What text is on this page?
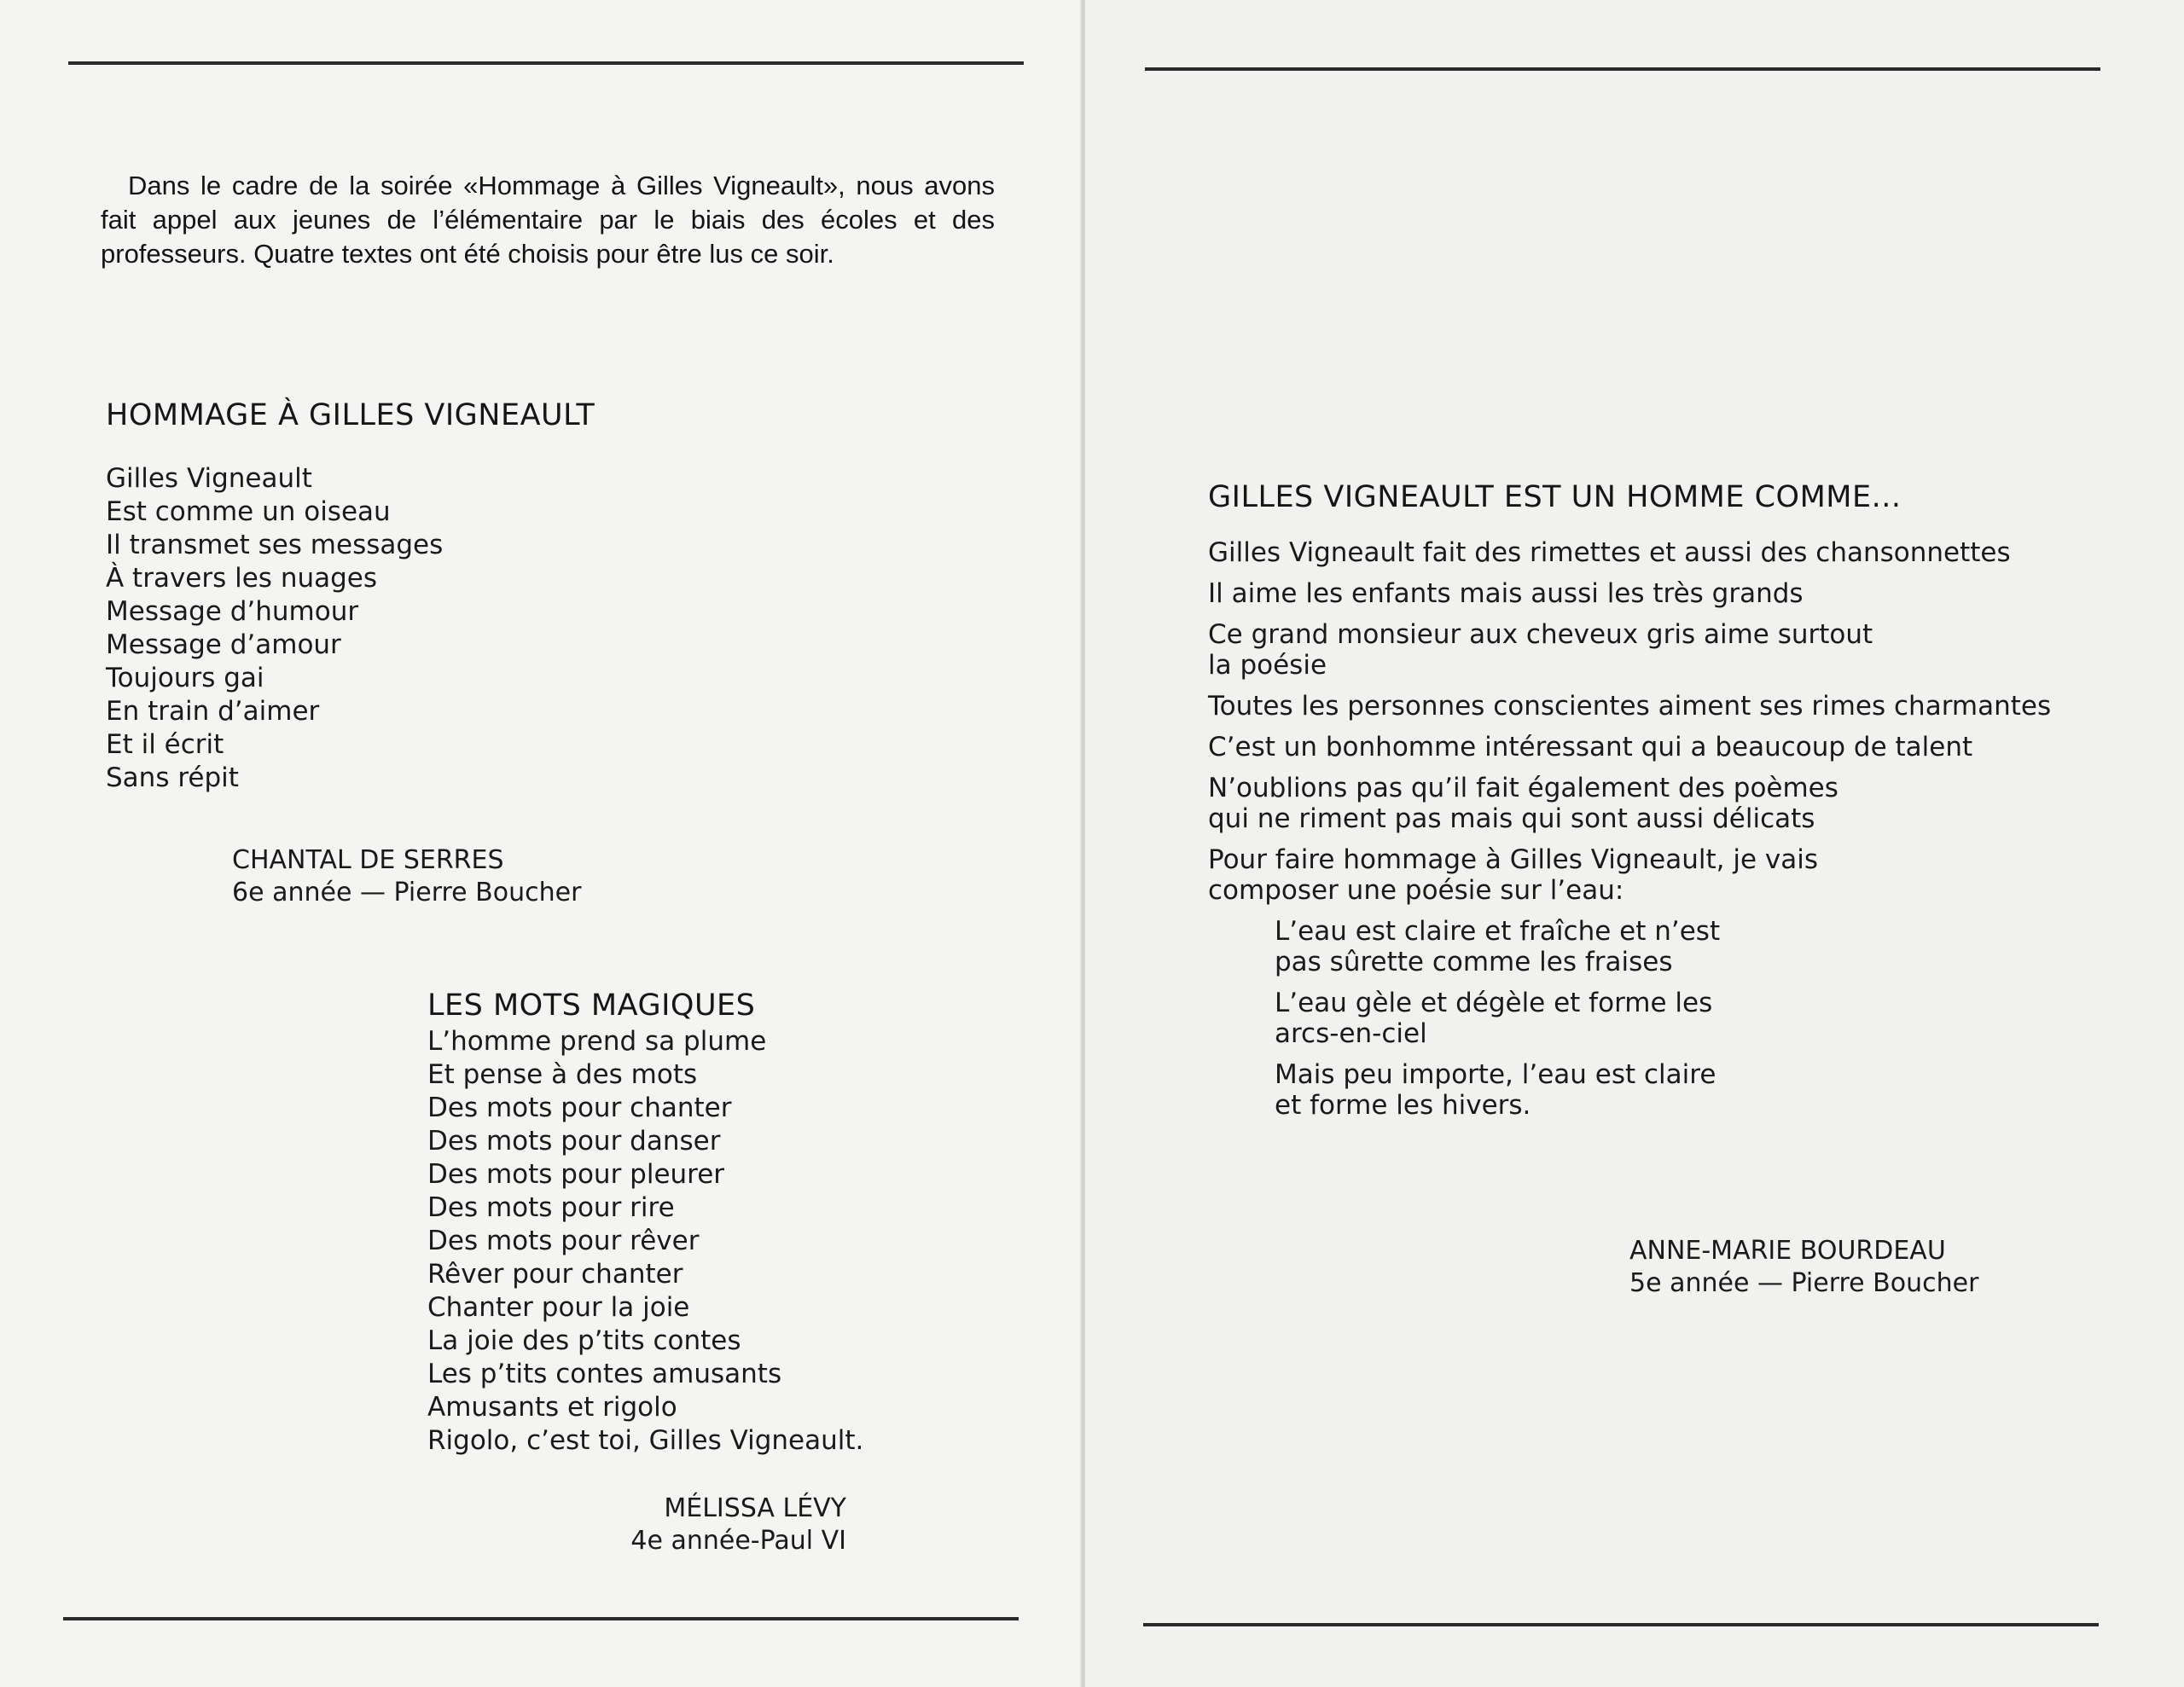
Dans le cadre de la soirée «Hommage à Gilles Vigneault», nous avons fait appel aux jeunes de l’élémentaire par le biais des écoles et des professeurs. Quatre textes ont été choisis pour être lus ce soir.

HOMMAGE À GILLES VIGNEAULT
Gilles Vigneault
Est comme un oiseau
Il transmet ses messages
À travers les nuages
Message d’humour
Message d’amour
Toujours gai
En train d’aimer
Et il écrit
Sans répit
CHANTAL DE SERRES
6e année — Pierre Boucher
LES MOTS MAGIQUES
L’homme prend sa plume
Et pense à des mots
Des mots pour chanter
Des mots pour danser
Des mots pour pleurer
Des mots pour rire
Des mots pour rêver
Rêver pour chanter
Chanter pour la joie
La joie des p’tits contes
Les p’tits contes amusants
Amusants et rigolo
Rigolo, c’est toi, Gilles Vigneault.
MÉLISSA LÉVY
4e année-Paul VI
GILLES VIGNEAULT EST UN HOMME COMME...
Gilles Vigneault fait des rimettes et aussi des chansonnettes
Il aime les enfants mais aussi les très grands
Ce grand monsieur aux cheveux gris aime surtout
la poésie
Toutes les personnes conscientes aiment ses rimes charmantes
C’est un bonhomme intéressant qui a beaucoup de talent
N’oublions pas qu’il fait également des poèmes
qui ne riment pas mais qui sont aussi délicats
Pour faire hommage à Gilles Vigneault, je vais
composer une poésie sur l’eau:
L’eau est claire et fraîche et n’est
pas sûrette comme les fraises
L’eau gèle et dégèle et forme les
arcs-en-ciel
Mais peu importe, l’eau est claire
et forme les hivers.
ANNE-MARIE BOURDEAU
5e année — Pierre Boucher
